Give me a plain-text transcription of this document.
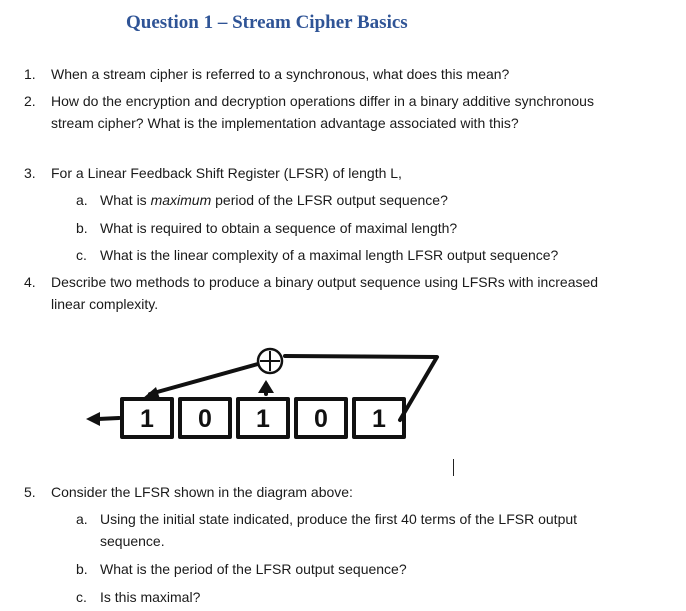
Question 1 – Stream Cipher Basics
1.	When a stream cipher is referred to a synchronous, what does this mean?
2.	How do the encryption and decryption operations differ in a binary additive synchronous stream cipher? What is the implementation advantage associated with this?
3.	For a Linear Feedback Shift Register (LFSR) of length L,
a. What is maximum period of the LFSR output sequence?
b. What is required to obtain a sequence of maximal length?
c. What is the linear complexity of a maximal length LFSR output sequence?
4.	Describe two methods to produce a binary output sequence using LFSRs with increased linear complexity.
1 0 1 0 1
5.	Consider the LFSR shown in the diagram above:
a. Using the initial state indicated, produce the first 40 terms of the LFSR output sequence.
b. What is the period of the LFSR output sequence?
c. Is this maximal?
